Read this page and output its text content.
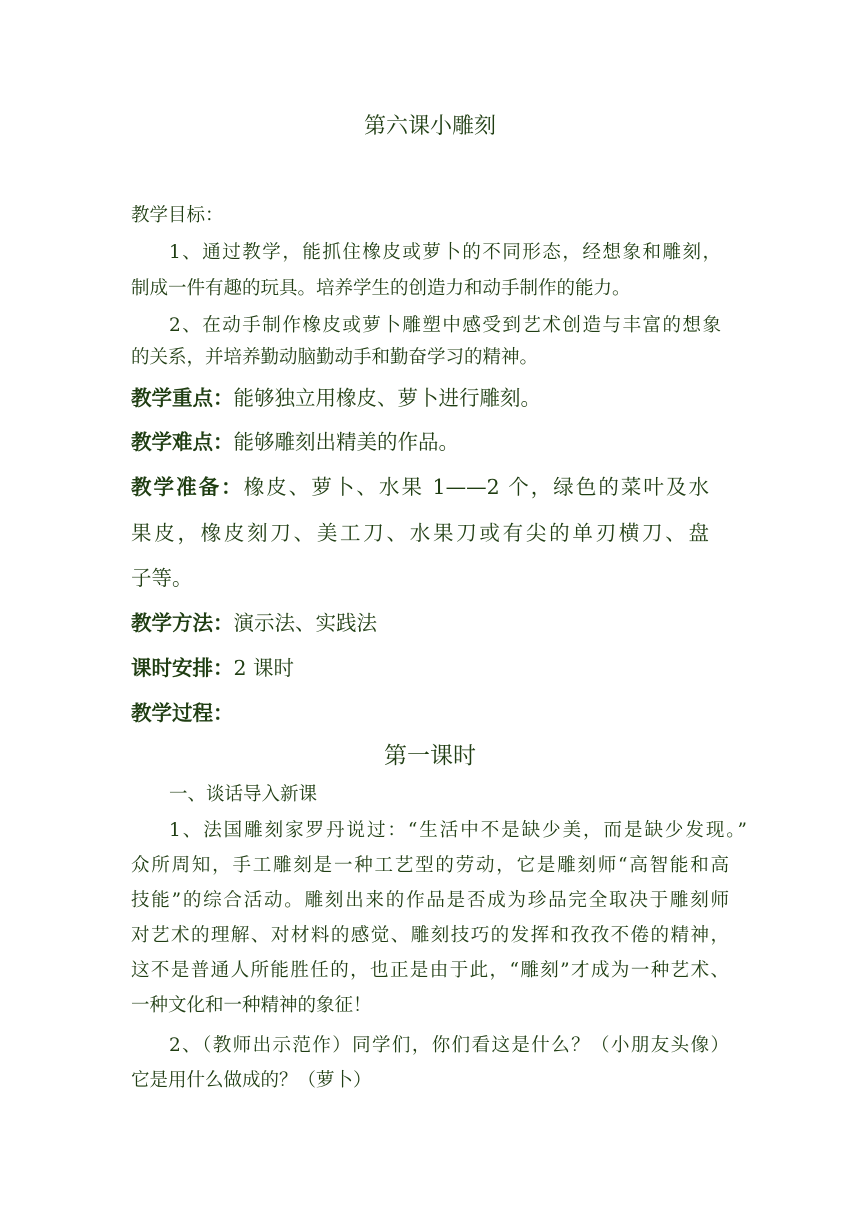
第六课小雕刻
教学目标：
1、通过教学，能抓住橡皮或萝卜的不同形态，经想象和雕刻，
制成一件有趣的玩具。培养学生的创造力和动手制作的能力。
2、在动手制作橡皮或萝卜雕塑中感受到艺术创造与丰富的想象
的关系，并培养勤动脑勤动手和勤奋学习的精神。
教学重点：能够独立用橡皮、萝卜进行雕刻。
教学难点：能够雕刻出精美的作品。
教学准备：橡皮、萝卜、水果 1——2 个，绿色的菜叶及水
果皮，橡皮刻刀、美工刀、水果刀或有尖的单刃横刀、盘
子等。
教学方法：演示法、实践法
课时安排：2 课时
教学过程：
第一课时
一、谈话导入新课
1、法国雕刻家罗丹说过：“生活中不是缺少美，而是缺少发现。”
众所周知，手工雕刻是一种工艺型的劳动，它是雕刻师“高智能和高
技能”的综合活动。雕刻出来的作品是否成为珍品完全取决于雕刻师
对艺术的理解、对材料的感觉、雕刻技巧的发挥和孜孜不倦的精神，
这不是普通人所能胜任的，也正是由于此，“雕刻”才成为一种艺术、
一种文化和一种精神的象征！
2、（教师出示范作）同学们，你们看这是什么？（小朋友头像）
它是用什么做成的？（萝卜）
